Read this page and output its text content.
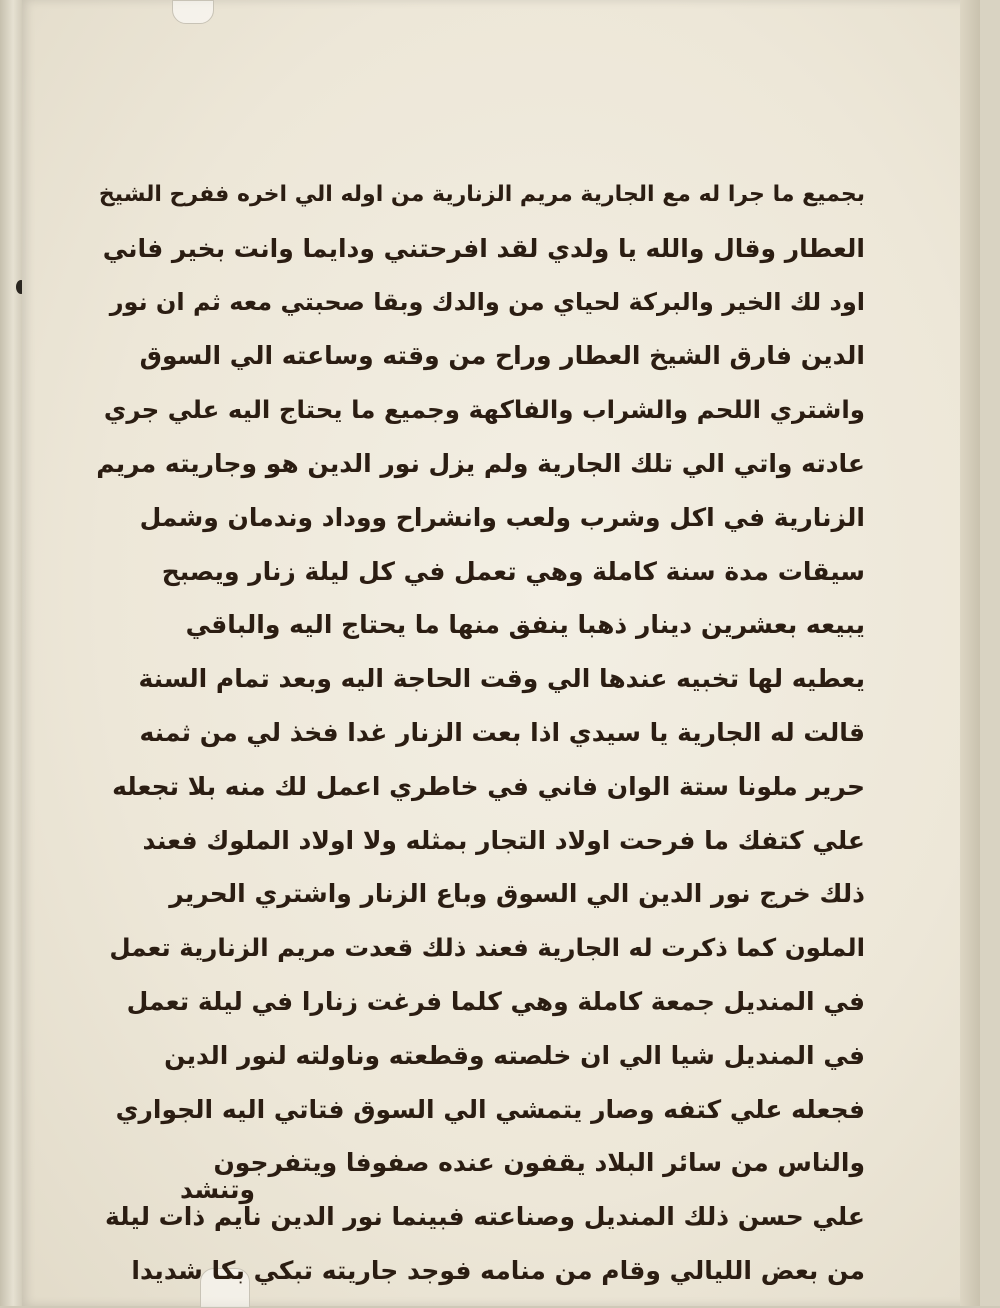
بجميع ما جرا له مع الجارية مريم الزنارية من اوله الي اخره ففرح الشيخ
العطار وقال والله يا ولدي لقد افرحتني ودايما وانت بخير فاني
اود لك الخير والبركة لحياي من والدك وبقا صحبتي معه ثم ان نور
الدين فارق الشيخ العطار وراح من وقته وساعته الي السوق
واشتري اللحم والشراب والفاكهة وجميع ما يحتاج اليه علي جري
عادته واتي الي تلك الجارية ولم يزل نور الدين هو وجاريته مريم
الزنارية في اكل وشرب ولعب وانشراح ووداد وندمان وشمل
سيقات مدة سنة كاملة وهي تعمل في كل ليلة زنار ويصبح
يبيعه بعشرين دينار ذهبا ينفق منها ما يحتاج اليه والباقي
يعطيه لها تخبيه عندها الي وقت الحاجة اليه وبعد تمام السنة
قالت له الجارية يا سيدي اذا بعت الزنار غدا فخذ لي من ثمنه
حرير ملونا ستة الوان فاني في خاطري اعمل لك منه بلا تجعله
علي كتفك ما فرحت اولاد التجار بمثله ولا اولاد الملوك فعند
ذلك خرج نور الدين الي السوق وباع الزنار واشتري الحرير
الملون كما ذكرت له الجارية فعند ذلك قعدت مريم الزنارية تعمل
في المنديل جمعة كاملة وهي كلما فرغت زنارا في ليلة تعمل
في المنديل شيا الي ان خلصته وقطعته وناولته لنور الدين
فجعله علي كتفه وصار يتمشي الي السوق فتاتي اليه الجواري
والناس من سائر البلاد يقفون عنده صفوفا ويتفرجون
علي حسن ذلك المنديل وصناعته فبينما نور الدين نايم ذات ليلة
من بعض الليالي وقام من منامه فوجد جاريته تبكي بكا شديدا
وتنشد
